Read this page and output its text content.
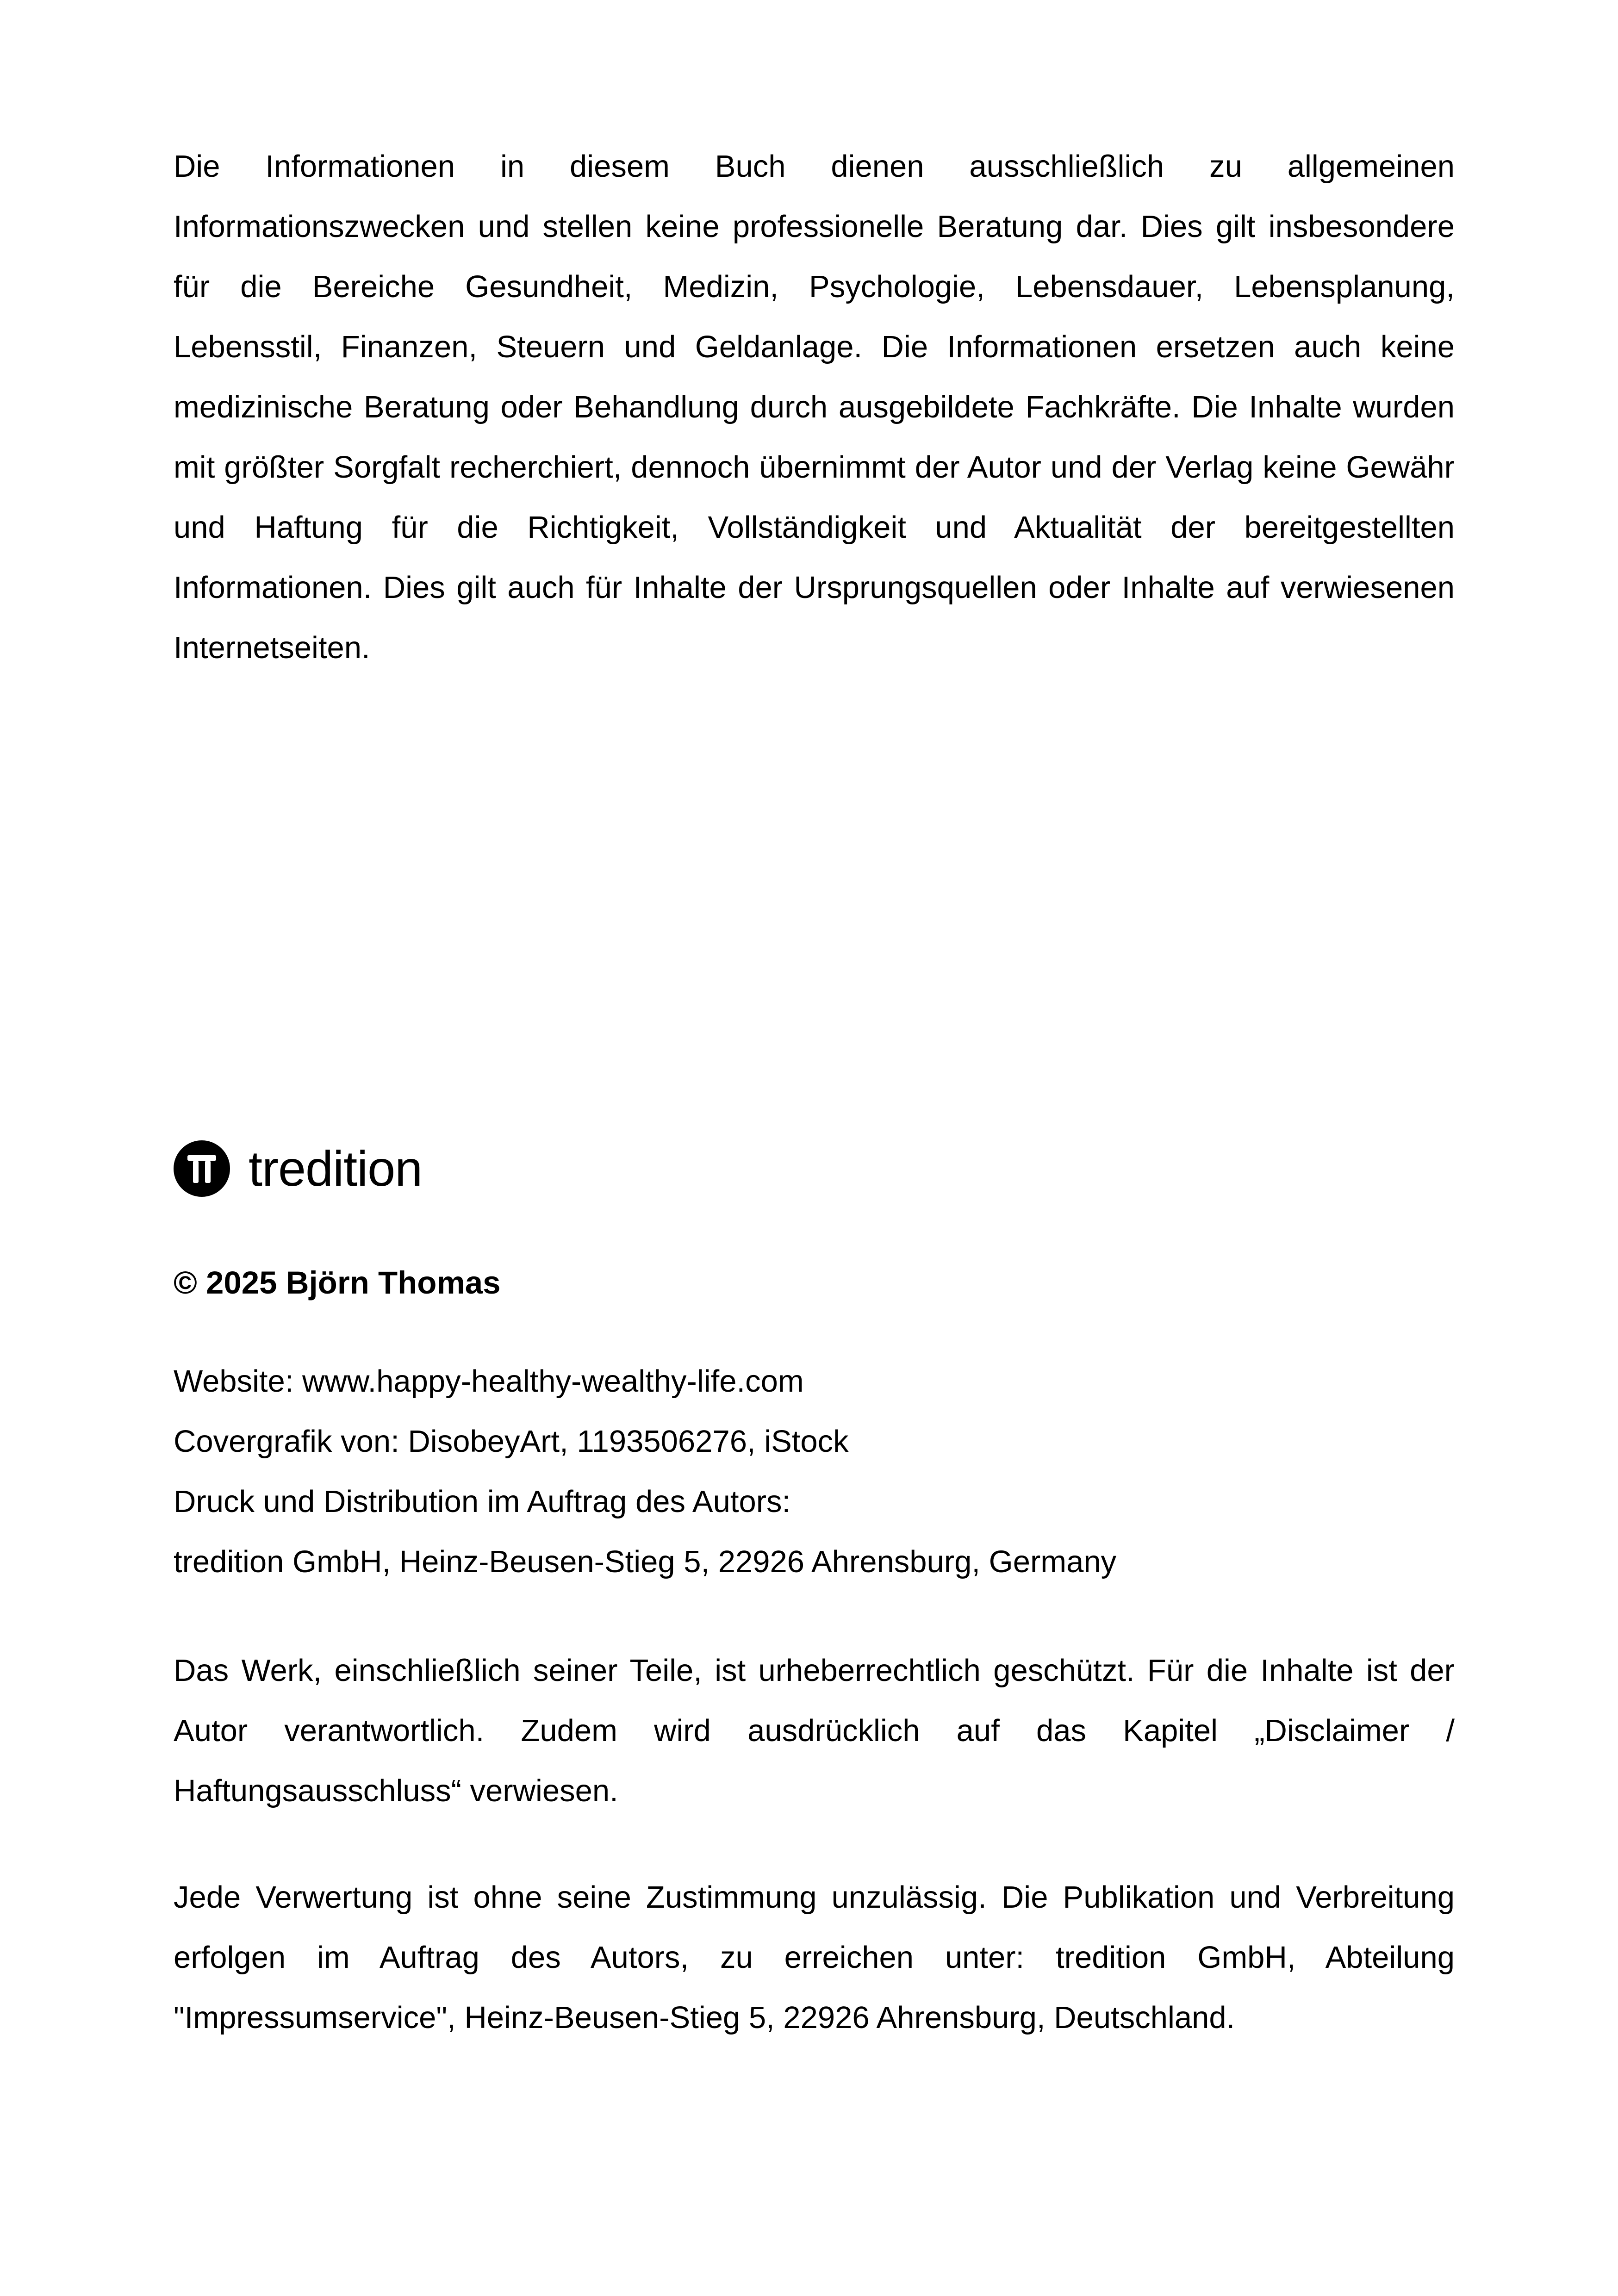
Die Informationen in diesem Buch dienen ausschließlich zu allgemeinen Informationszwecken und stellen keine professionelle Beratung dar. Dies gilt insbesondere für die Bereiche Gesundheit, Medizin, Psychologie, Lebensdauer, Lebensplanung, Lebensstil, Finanzen, Steuern und Geldanlage. Die Informationen ersetzen auch keine medizinische Beratung oder Behandlung durch ausgebildete Fachkräfte. Die Inhalte wurden mit größter Sorgfalt recherchiert, dennoch übernimmt der Autor und der Verlag keine Gewähr und Haftung für die Richtigkeit, Vollständigkeit und Aktualität der bereitgestellten Informationen. Dies gilt auch für Inhalte der Ursprungsquellen oder Inhalte auf verwiesenen Internetseiten.

tredition
© 2025 Björn Thomas
Website: www.happy-healthy-wealthy-life.com
Covergrafik von: DisobeyArt, 1193506276, iStock
Druck und Distribution im Auftrag des Autors:
tredition GmbH, Heinz-Beusen-Stieg 5, 22926 Ahrensburg, Germany

Das Werk, einschließlich seiner Teile, ist urheberrechtlich geschützt. Für die Inhalte ist der Autor verantwortlich. Zudem wird ausdrücklich auf das Kapitel „Disclaimer / Haftungsausschluss“ verwiesen.

Jede Verwertung ist ohne seine Zustimmung unzulässig. Die Publikation und Verbreitung erfolgen im Auftrag des Autors, zu erreichen unter: tredition GmbH, Abteilung "Impressumservice", Heinz-Beusen-Stieg 5, 22926 Ahrensburg, Deutschland.
